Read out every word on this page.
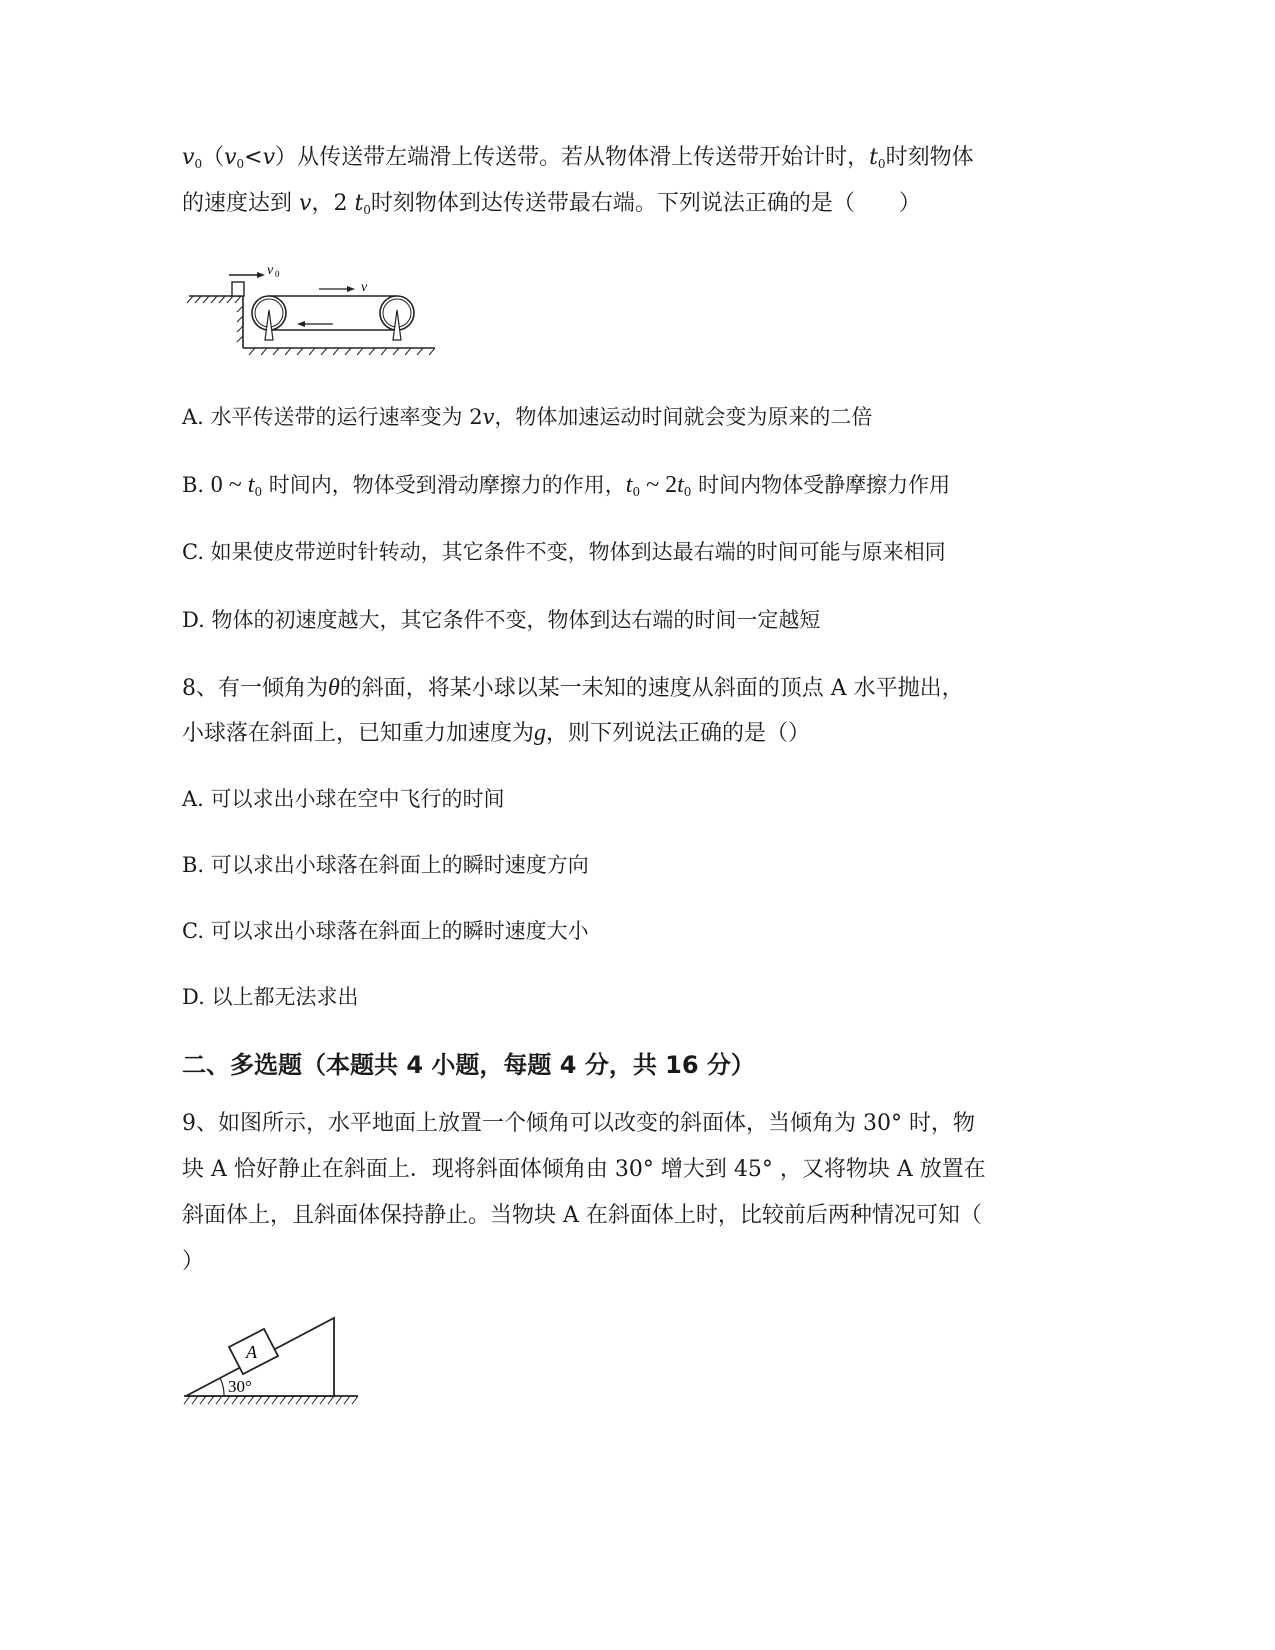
$v_0(v_0<v)$从传送带左端滑上传送带。若从物体滑上传送带开始计时，$t_0$时刻物体
的速度达到 v，2 $t_0$时刻物体到达传送带最右端。下列说法正确的是（　　）
v 0
v
A. 水平传送带的运行速率变为 2v，物体加速运动时间就会变为原来的二倍
B. 0 ~ $t_0$ 时间内，物体受到滑动摩擦力的作用，$t_0$ ~ $2t_0$ 时间内物体受静摩擦力作用
C. 如果使皮带逆时针转动，其它条件不变，物体到达最右端的时间可能与原来相同
D. 物体的初速度越大，其它条件不变，物体到达右端的时间一定越短
8、有一倾角为θ的斜面，将某小球以某一未知的速度从斜面的顶点 A 水平抛出，
小球落在斜面上，已知重力加速度为g，则下列说法正确的是（）
A. 可以求出小球在空中飞行的时间
B. 可以求出小球落在斜面上的瞬时速度方向
C. 可以求出小球落在斜面上的瞬时速度大小
D. 以上都无法求出
二、多选题（本题共 4 小题，每题 4 分，共 16 分）
9、如图所示，水平地面上放置一个倾角可以改变的斜面体，当倾角为 30° 时，物
块 A 恰好静止在斜面上．现将斜面体倾角由 30° 增大到 45° ，又将物块 A 放置在
斜面体上，且斜面体保持静止。当物块 A 在斜面体上时，比较前后两种情况可知（
）
A
30°
